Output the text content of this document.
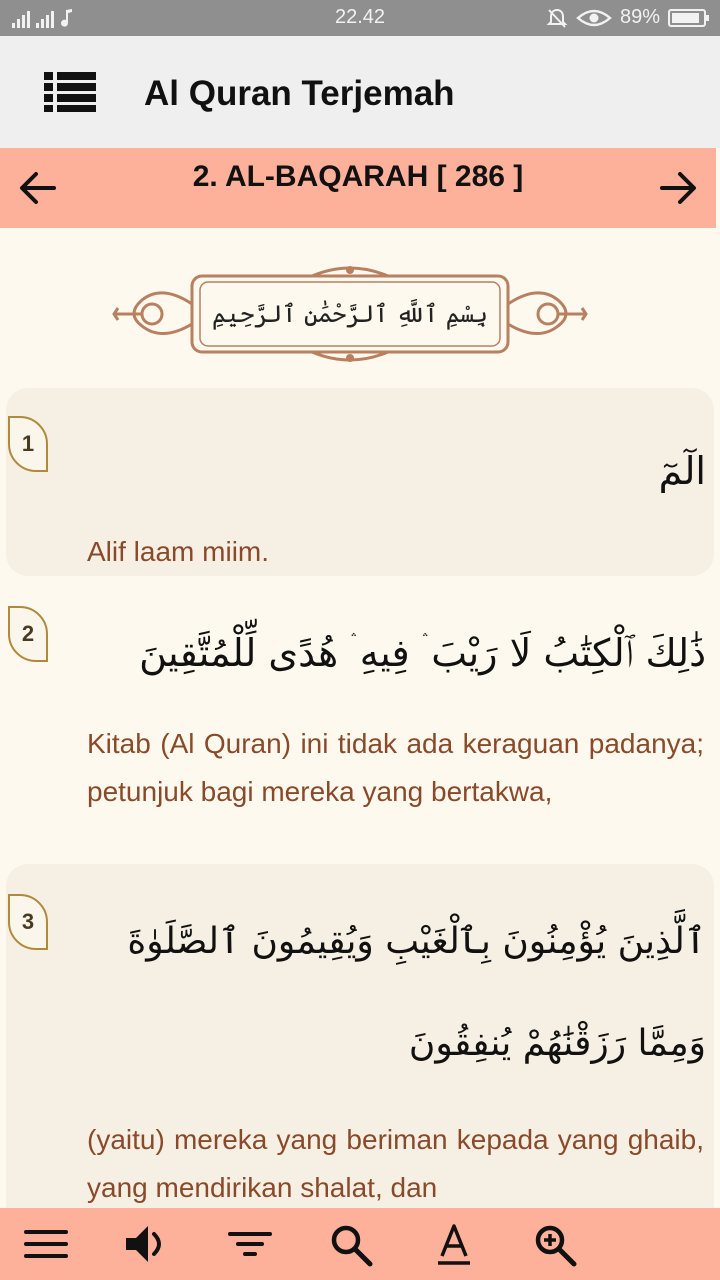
22.42	89%
Al Quran Terjemah
2. AL-BAQARAH [ 286 ]
بِسْمِ ٱللَّهِ ٱلرَّحْمَٰنِ ٱلرَّحِيمِ
1
الٓمٓ
Alif laam miim.
2	ذَٰلِكَ ٱلْكِتَٰبُ لَا رَيْبَ ۛ فِيهِ ۛ هُدًى لِّلْمُتَّقِينَ
Kitab (Al Quran) ini tidak ada keraguan padanya; petunjuk bagi mereka yang bertakwa,
3	ٱلَّذِينَ يُؤْمِنُونَ بِٱلْغَيْبِ وَيُقِيمُونَ ٱلصَّلَوٰةَ
وَمِمَّا رَزَقْنَٰهُمْ يُنفِقُونَ
(yaitu) mereka yang beriman kepada yang ghaib, yang mendirikan shalat, dan
